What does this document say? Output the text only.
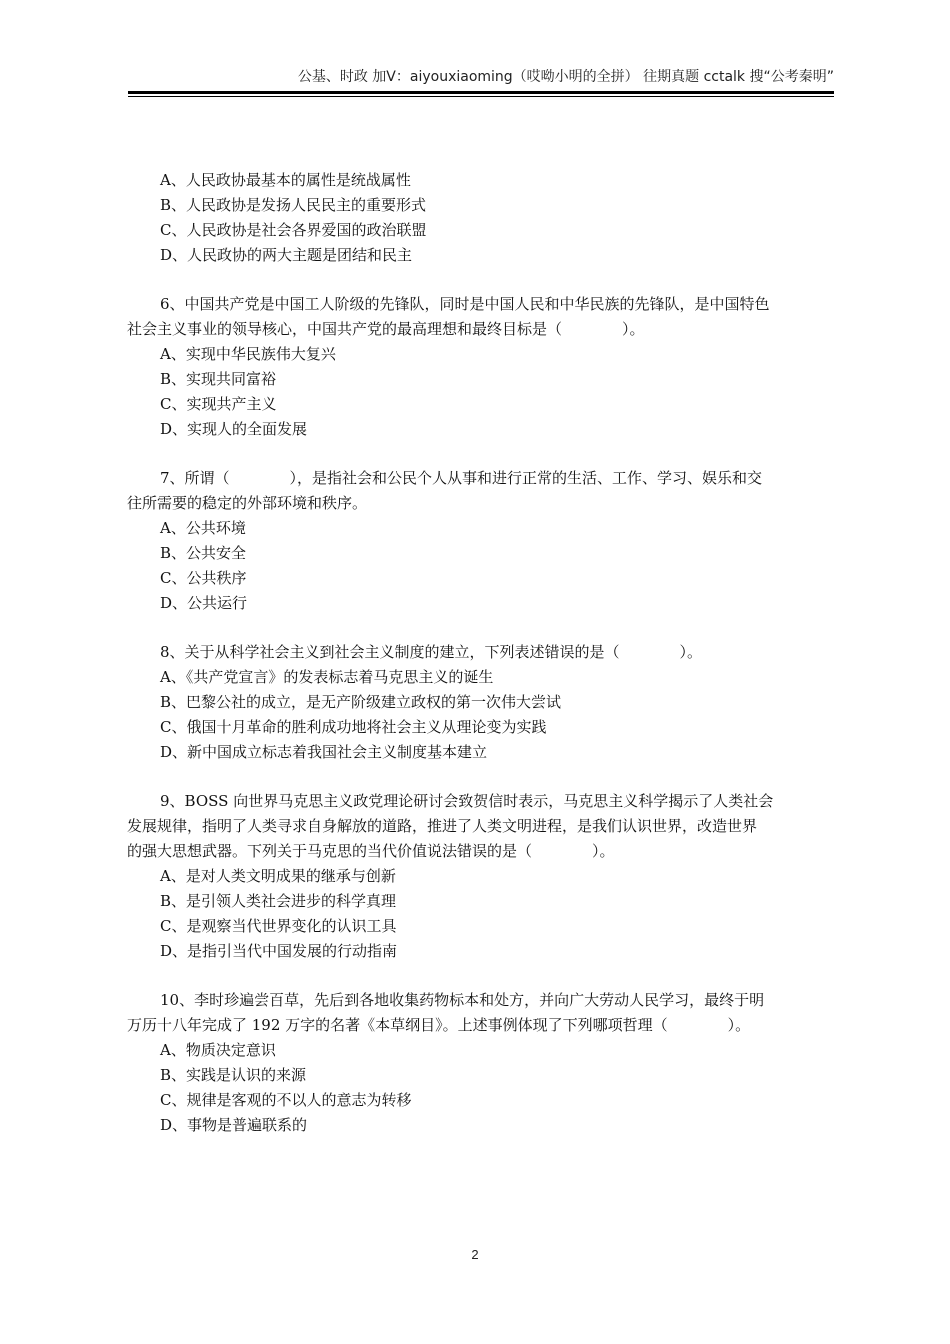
公基、时政 加V：aiyouxiaoming（哎呦小明的全拼） 往期真题 cctalk 搜“公考秦明”
A、人民政协最基本的属性是统战属性
B、人民政协是发扬人民民主的重要形式
C、人民政协是社会各界爱国的政治联盟
D、人民政协的两大主题是团结和民主
6、中国共产党是中国工人阶级的先锋队，同时是中国人民和中华民族的先锋队，是中国特色
社会主义事业的领导核心，中国共产党的最高理想和最终目标是（　　　　）。
A、实现中华民族伟大复兴
B、实现共同富裕
C、实现共产主义
D、实现人的全面发展
7、所谓（　　　　），是指社会和公民个人从事和进行正常的生活、工作、学习、娱乐和交
往所需要的稳定的外部环境和秩序。
A、公共环境
B、公共安全
C、公共秩序
D、公共运行
8、关于从科学社会主义到社会主义制度的建立，下列表述错误的是（　　　　）。
A、《共产党宣言》的发表标志着马克思主义的诞生
B、巴黎公社的成立，是无产阶级建立政权的第一次伟大尝试
C、俄国十月革命的胜利成功地将社会主义从理论变为实践
D、新中国成立标志着我国社会主义制度基本建立
9、BOSS 向世界马克思主义政党理论研讨会致贺信时表示，马克思主义科学揭示了人类社会
发展规律，指明了人类寻求自身解放的道路，推进了人类文明进程，是我们认识世界，改造世界
的强大思想武器。下列关于马克思的当代价值说法错误的是（　　　　）。
A、是对人类文明成果的继承与创新
B、是引领人类社会进步的科学真理
C、是观察当代世界变化的认识工具
D、是指引当代中国发展的行动指南
10、李时珍遍尝百草，先后到各地收集药物标本和处方，并向广大劳动人民学习，最终于明
万历十八年完成了 192 万字的名著《本草纲目》。上述事例体现了下列哪项哲理（　　　　）。
A、物质决定意识
B、实践是认识的来源
C、规律是客观的不以人的意志为转移
D、事物是普遍联系的
2
